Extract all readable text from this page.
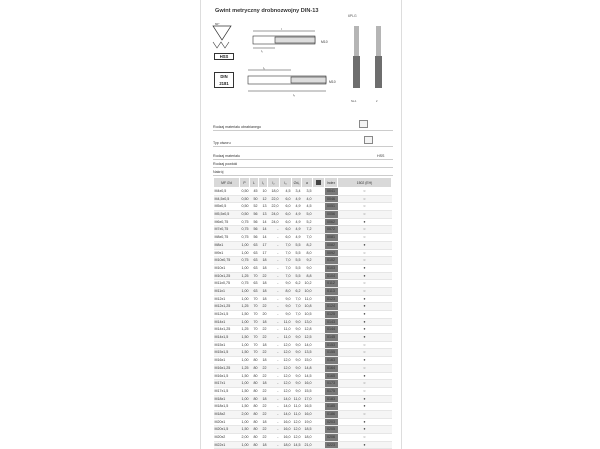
Gwint metryczny drobnozwojny DIN-13
6PLG
60°
l
l₁
M10
l₂
l₃
M10
HSS
DIN
2181
No.1	2
Rodzaj materiału obrabianego
Typ otworu
Rodzaj materiału	HSS
Rodzaj powłoki
Nakrój
MF ∅d	P	L	l₁	l₂	l₃	∅d₁	a		Index	1502 (EH)
M4x0,5	0,50	45	10	18,0	4,5	3,4	3,5		0041	○
M4,5x0,5	0,50	50	12	22,0	6,0	4,9	4,0		0046	○
M5x0,5	0,50	52	13	22,0	6,0	4,9	4,5		0051	○
M5,5x0,5	0,50	56	13	24,0	6,0	4,9	5,0		0056	○
M6x0,75	0,75	56	14	24,0	6,0	4,9	5,2		0062	●
M7x0,75	0,75	56	14	-	6,0	4,9	7,2		0072	○
M8x0,75	0,75	56	14	-	6,0	4,9	7,0		0081	○
M8x1	1,00	63	17	-	7,0	5,5	8,2		0082	●
M9x1	1,00	63	17	-	7,0	5,5	8,0		0092	○
M10x0,75	0,75	63	18	-	7,0	5,5	9,2		0102	○
M10x1	1,00	63	18	-	7,0	5,5	9,0		0103	●
M10x1,25	1,25	70	22	-	7,0	5,5	8,8		0104	●
M11x0,75	0,75	63	18	-	9,0	6,2	10,2		0112	○
M11x1	1,00	63	18	-	8,0	6,2	10,0		0113	○
M12x1	1,00	70	18	-	9,0	7,0	11,0		0123	●
M12x1,25	1,25	70	22	-	9,0	7,0	10,8		0124	●
M12x1,5	1,50	70	20	-	9,0	7,0	10,5		0125	●
M14x1	1,00	70	18	-	11,0	9,0	13,0		0143	●
M14x1,25	1,25	70	22	-	11,0	9,0	12,8		0144	●
M14x1,5	1,50	70	22	-	11,0	9,0	12,5		0145	●
M15x1	1,00	70	18	-	12,0	9,0	14,0		0153	○
M15x1,5	1,50	70	22	-	12,0	9,0	13,5		0155	○
M16x1	1,00	80	18	-	12,0	9,0	15,0		0163	●
M16x1,25	1,25	80	22	-	12,0	9,0	14,8		0164	○
M16x1,5	1,50	80	22	-	12,0	9,0	14,5		0165	●
M17x1	1,00	80	18	-	12,0	9,0	16,0		0173	○
M17x1,5	1,50	80	22	-	12,0	9,0	15,5		0175	○
M18x1	1,00	80	18	-	14,0	11,0	17,0		0183	●
M18x1,5	1,50	80	22	-	14,0	11,0	16,5		0185	●
M18x2	2,00	80	22	-	14,0	11,0	16,0		0186	○
M20x1	1,00	80	18	-	16,0	12,0	19,0		0203	●
M20x1,5	1,50	80	22	-	16,0	12,0	18,5		0205	●
M20x2	2,00	80	22	-	16,0	12,0	18,0		0206	○
M22x1	1,00	80	18	-	18,0	14,5	21,0		0223	●
